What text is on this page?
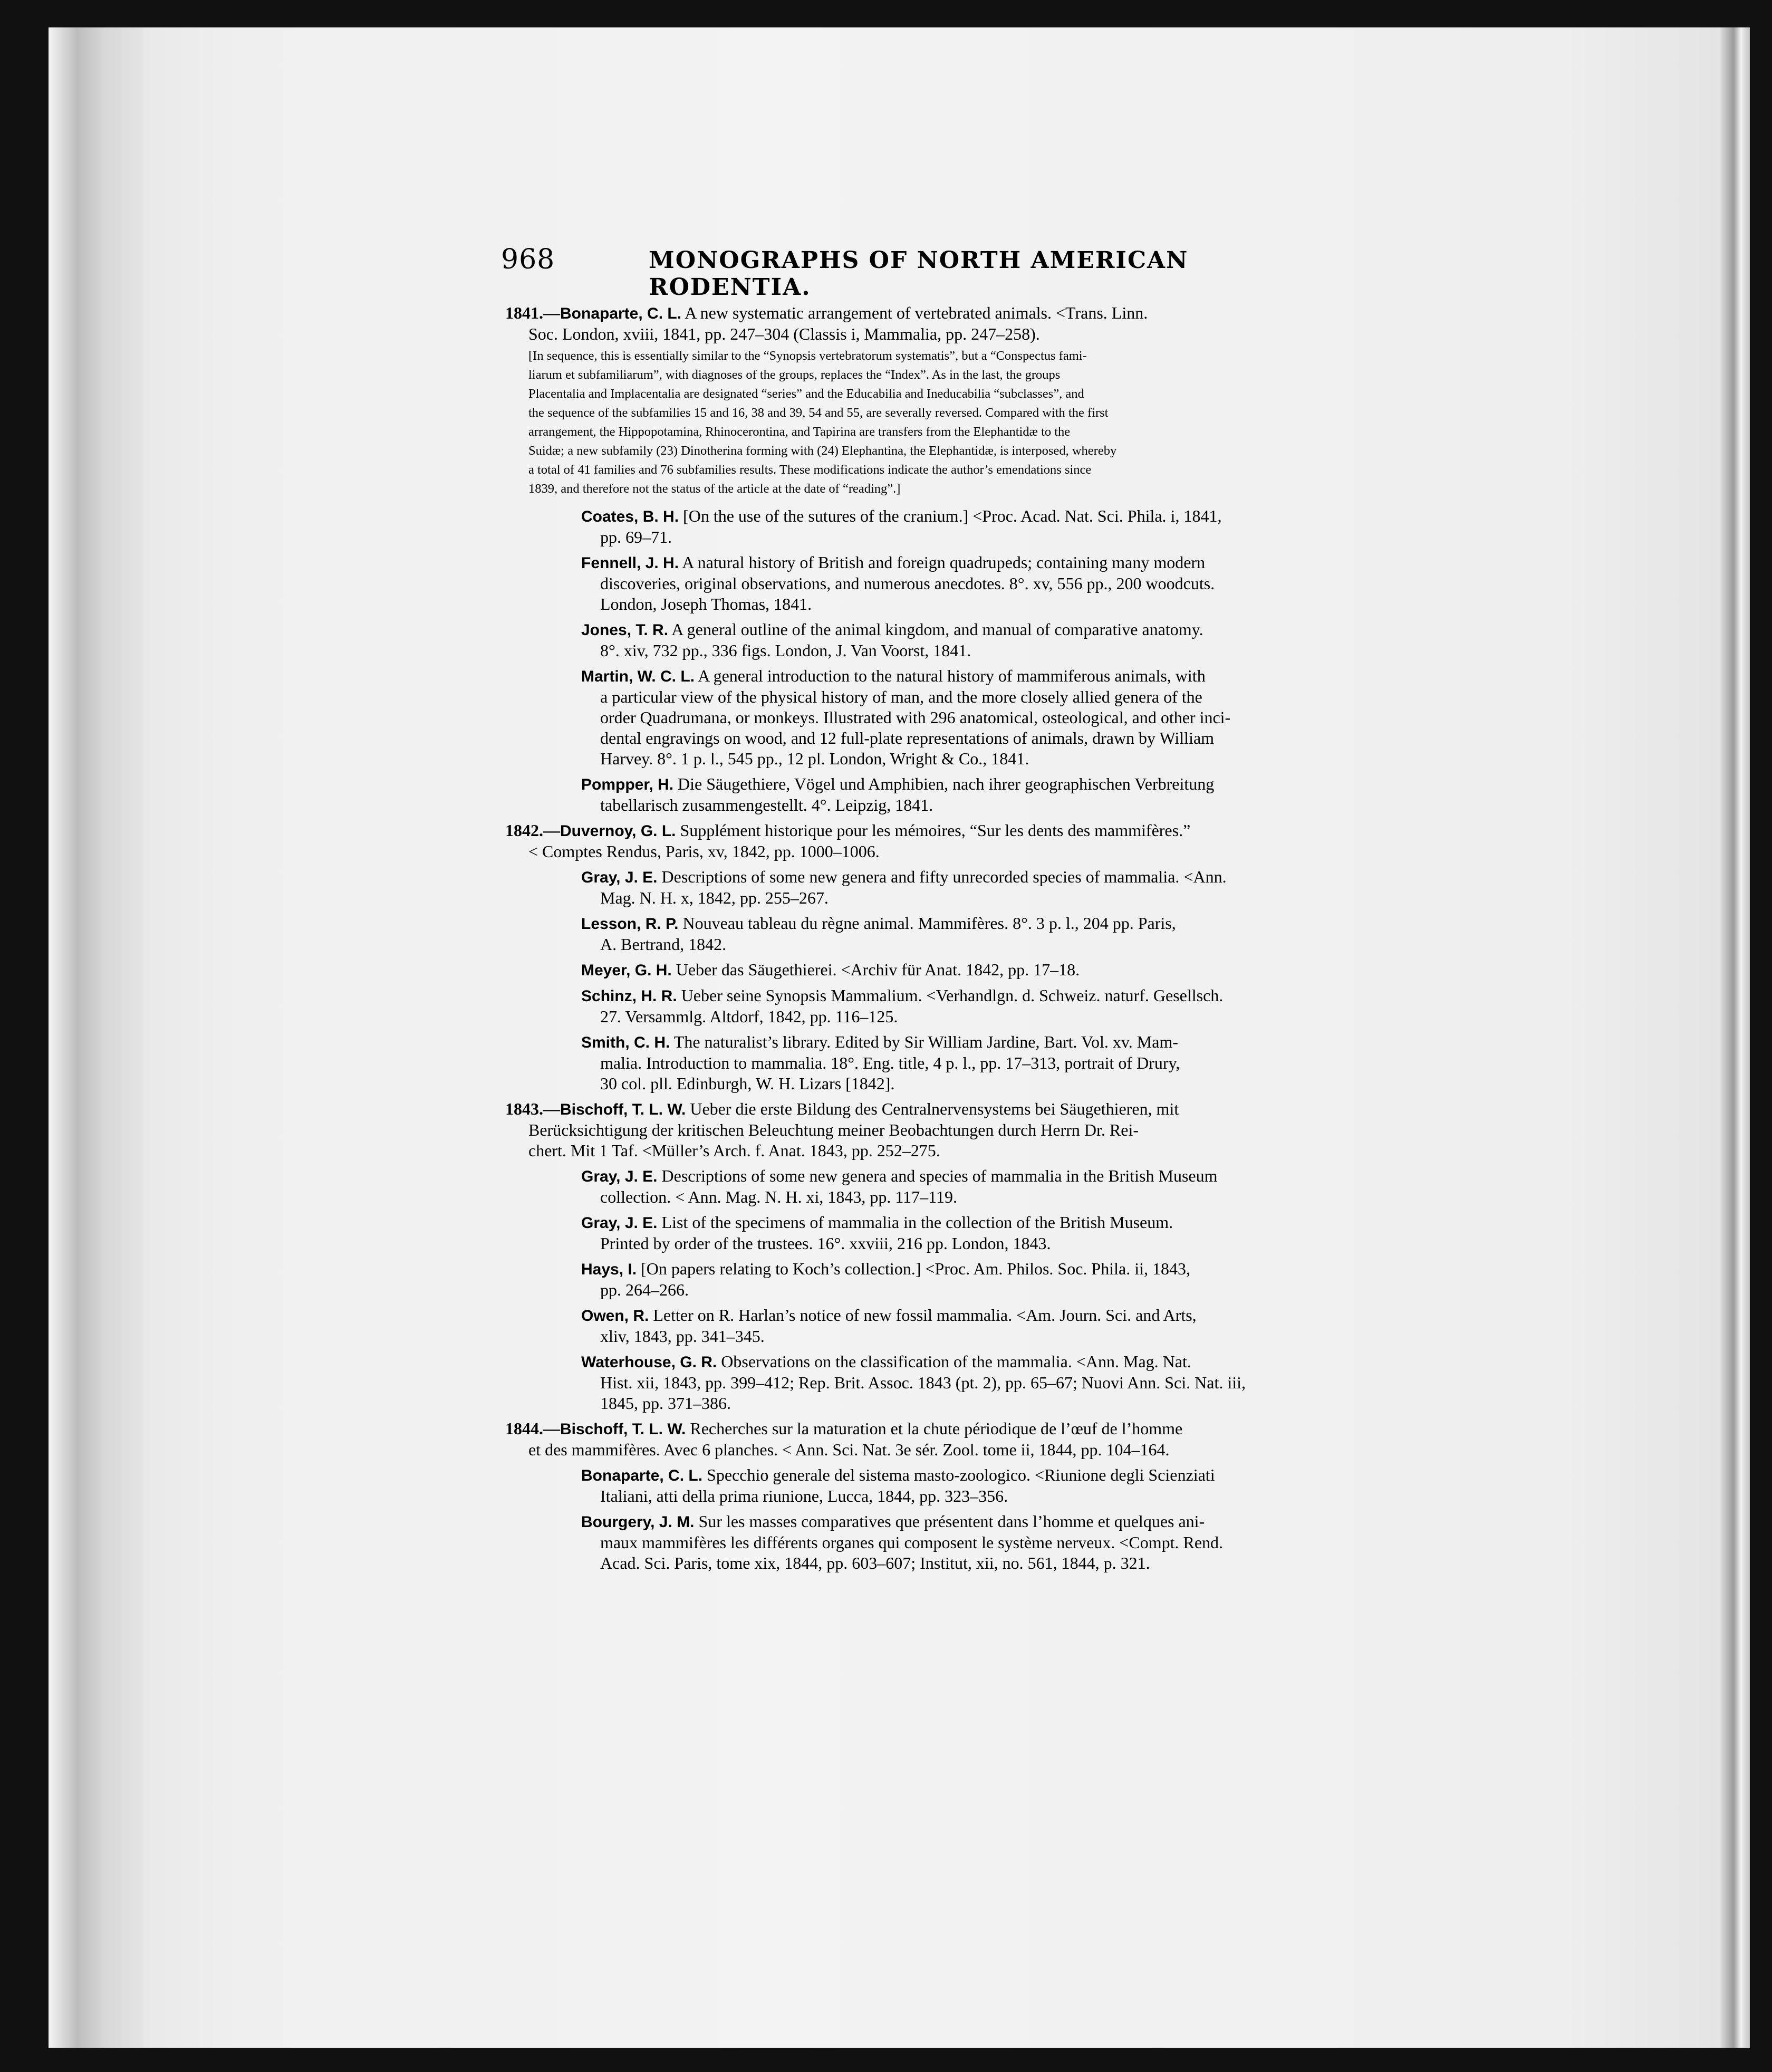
968	MONOGRAPHS OF NORTH AMERICAN RODENTIA.
1841.—Bonaparte, C. L. A new systematic arrangement of vertebrated animals. <Trans. Linn.
Soc. London, xviii, 1841, pp. 247–304 (Classis i, Mammalia, pp. 247–258).
[In sequence, this is essentially similar to the “Synopsis vertebratorum systematis”, but a “Conspectus fami-
liarum et subfamiliarum”, with diagnoses of the groups, replaces the “Index”. As in the last, the groups
Placentalia and Implacentalia are designated “series” and the Educabilia and Ineducabilia “subclasses”, and
the sequence of the subfamilies 15 and 16, 38 and 39, 54 and 55, are severally reversed. Compared with the first
arrangement, the Hippopotamina, Rhinocerontina, and Tapirina are transfers from the Elephantidæ to the
Suidæ; a new subfamily (23) Dinotherina forming with (24) Elephantina, the Elephantidæ, is interposed, whereby
a total of 41 families and 76 subfamilies results. These modifications indicate the author’s emendations since
1839, and therefore not the status of the article at the date of “reading”.]
Coates, B. H. [On the use of the sutures of the cranium.] <Proc. Acad. Nat. Sci. Phila. i, 1841,
pp. 69–71.
Fennell, J. H. A natural history of British and foreign quadrupeds; containing many modern
discoveries, original observations, and numerous anecdotes. 8°. xv, 556 pp., 200 woodcuts.
London, Joseph Thomas, 1841.
Jones, T. R. A general outline of the animal kingdom, and manual of comparative anatomy.
8°. xiv, 732 pp., 336 figs. London, J. Van Voorst, 1841.
Martin, W. C. L. A general introduction to the natural history of mammiferous animals, with
a particular view of the physical history of man, and the more closely allied genera of the
order Quadrumana, or monkeys. Illustrated with 296 anatomical, osteological, and other inci-
dental engravings on wood, and 12 full-plate representations of animals, drawn by William
Harvey. 8°. 1 p. l., 545 pp., 12 pl. London, Wright & Co., 1841.
Pompper, H. Die Säugethiere, Vögel und Amphibien, nach ihrer geographischen Verbreitung
tabellarisch zusammengestellt. 4°. Leipzig, 1841.
1842.—Duvernoy, G. L. Supplément historique pour les mémoires, “Sur les dents des mammifères.”
< Comptes Rendus, Paris, xv, 1842, pp. 1000–1006.
Gray, J. E. Descriptions of some new genera and fifty unrecorded species of mammalia. <Ann.
Mag. N. H. x, 1842, pp. 255–267.
Lesson, R. P. Nouveau tableau du règne animal. Mammifères. 8°. 3 p. l., 204 pp. Paris,
A. Bertrand, 1842.
Meyer, G. H. Ueber das Säugethierei. <Archiv für Anat. 1842, pp. 17–18.
Schinz, H. R. Ueber seine Synopsis Mammalium. <Verhandlgn. d. Schweiz. naturf. Gesellsch.
27. Versammlg. Altdorf, 1842, pp. 116–125.
Smith, C. H. The naturalist’s library. Edited by Sir William Jardine, Bart. Vol. xv. Mam-
malia. Introduction to mammalia. 18°. Eng. title, 4 p. l., pp. 17–313, portrait of Drury,
30 col. pll. Edinburgh, W. H. Lizars [1842].
1843.—Bischoff, T. L. W. Ueber die erste Bildung des Centralnervensystems bei Säugethieren, mit
Berücksichtigung der kritischen Beleuchtung meiner Beobachtungen durch Herrn Dr. Rei-
chert. Mit 1 Taf. <Müller’s Arch. f. Anat. 1843, pp. 252–275.
Gray, J. E. Descriptions of some new genera and species of mammalia in the British Museum
collection. < Ann. Mag. N. H. xi, 1843, pp. 117–119.
Gray, J. E. List of the specimens of mammalia in the collection of the British Museum.
Printed by order of the trustees. 16°. xxviii, 216 pp. London, 1843.
Hays, I. [On papers relating to Koch’s collection.] <Proc. Am. Philos. Soc. Phila. ii, 1843,
pp. 264–266.
Owen, R. Letter on R. Harlan’s notice of new fossil mammalia. <Am. Journ. Sci. and Arts,
xliv, 1843, pp. 341–345.
Waterhouse, G. R. Observations on the classification of the mammalia. <Ann. Mag. Nat.
Hist. xii, 1843, pp. 399–412; Rep. Brit. Assoc. 1843 (pt. 2), pp. 65–67; Nuovi Ann. Sci. Nat. iii,
1845, pp. 371–386.
1844.—Bischoff, T. L. W. Recherches sur la maturation et la chute périodique de l’œuf de l’homme
et des mammifères. Avec 6 planches. < Ann. Sci. Nat. 3e sér. Zool. tome ii, 1844, pp. 104–164.
Bonaparte, C. L. Specchio generale del sistema masto-zoologico. <Riunione degli Scienziati
Italiani, atti della prima riunione, Lucca, 1844, pp. 323–356.
Bourgery, J. M. Sur les masses comparatives que présentent dans l’homme et quelques ani-
maux mammifères les différents organes qui composent le système nerveux. <Compt. Rend.
Acad. Sci. Paris, tome xix, 1844, pp. 603–607; Institut, xii, no. 561, 1844, p. 321.
